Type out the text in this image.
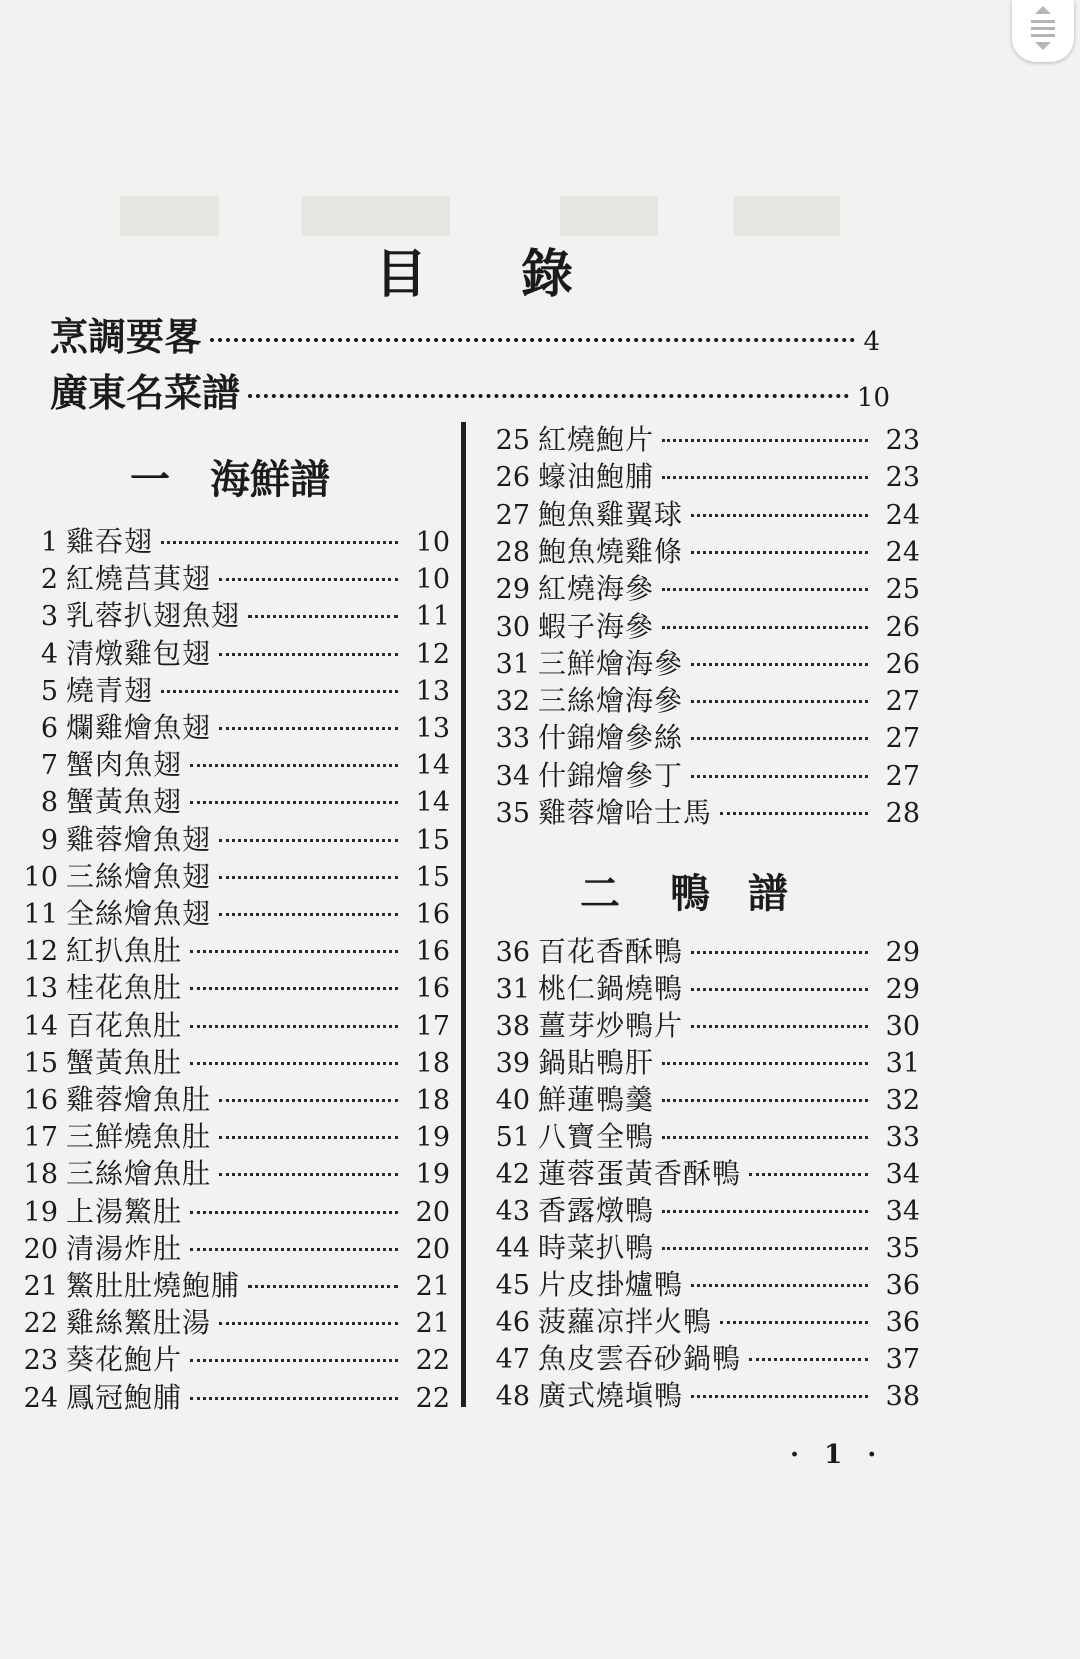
目 錄
烹調要畧	4
廣東名菜譜	10
一 海鮮譜
二 鴨 譜
1 雞吞翅	10
2 紅燒莒萁翅	10
3 乳蓉扒翅魚翅	11
4 清燉雞包翅	12
5 燒青翅	13
6 爛雞燴魚翅	13
7 蟹肉魚翅	14
8 蟹黃魚翅	14
9 雞蓉燴魚翅	15
10 三絲燴魚翅	15
11 全絲燴魚翅	16
12 紅扒魚肚	16
13 桂花魚肚	16
14 百花魚肚	17
15 蟹黃魚肚	18
16 雞蓉燴魚肚	18
17 三鮮燒魚肚	19
18 三絲燴魚肚	19
19 上湯鰵肚	20
20 清湯炸肚	20
21 鰵肚肚燒鮑脯	21
22 雞絲鰵肚湯	21
23 葵花鮑片	22
24 鳳冠鮑脯	22
25 紅燒鮑片	23
26 蠔油鮑脯	23
27 鮑魚雞翼球	24
28 鮑魚燒雞條	24
29 紅燒海參	25
30 蝦子海參	26
31 三鮮燴海參	26
32 三絲燴海參	27
33 什錦燴參絲	27
34 什錦燴參丁	27
35 雞蓉燴哈士馬	28
36 百花香酥鴨	29
31 桃仁鍋燒鴨	29
38 薑芽炒鴨片	30
39 鍋貼鴨肝	31
40 鮮蓮鴨羹	32
51 八寶全鴨	33
42 蓮蓉蛋黃香酥鴨	34
43 香露燉鴨	34
44 時菜扒鴨	35
45 片皮掛爐鴨	36
46 菠蘿凉拌火鴨	36
47 魚皮雲吞砂鍋鴨	37
48 廣式燒塡鴨	38
· 1 ·
